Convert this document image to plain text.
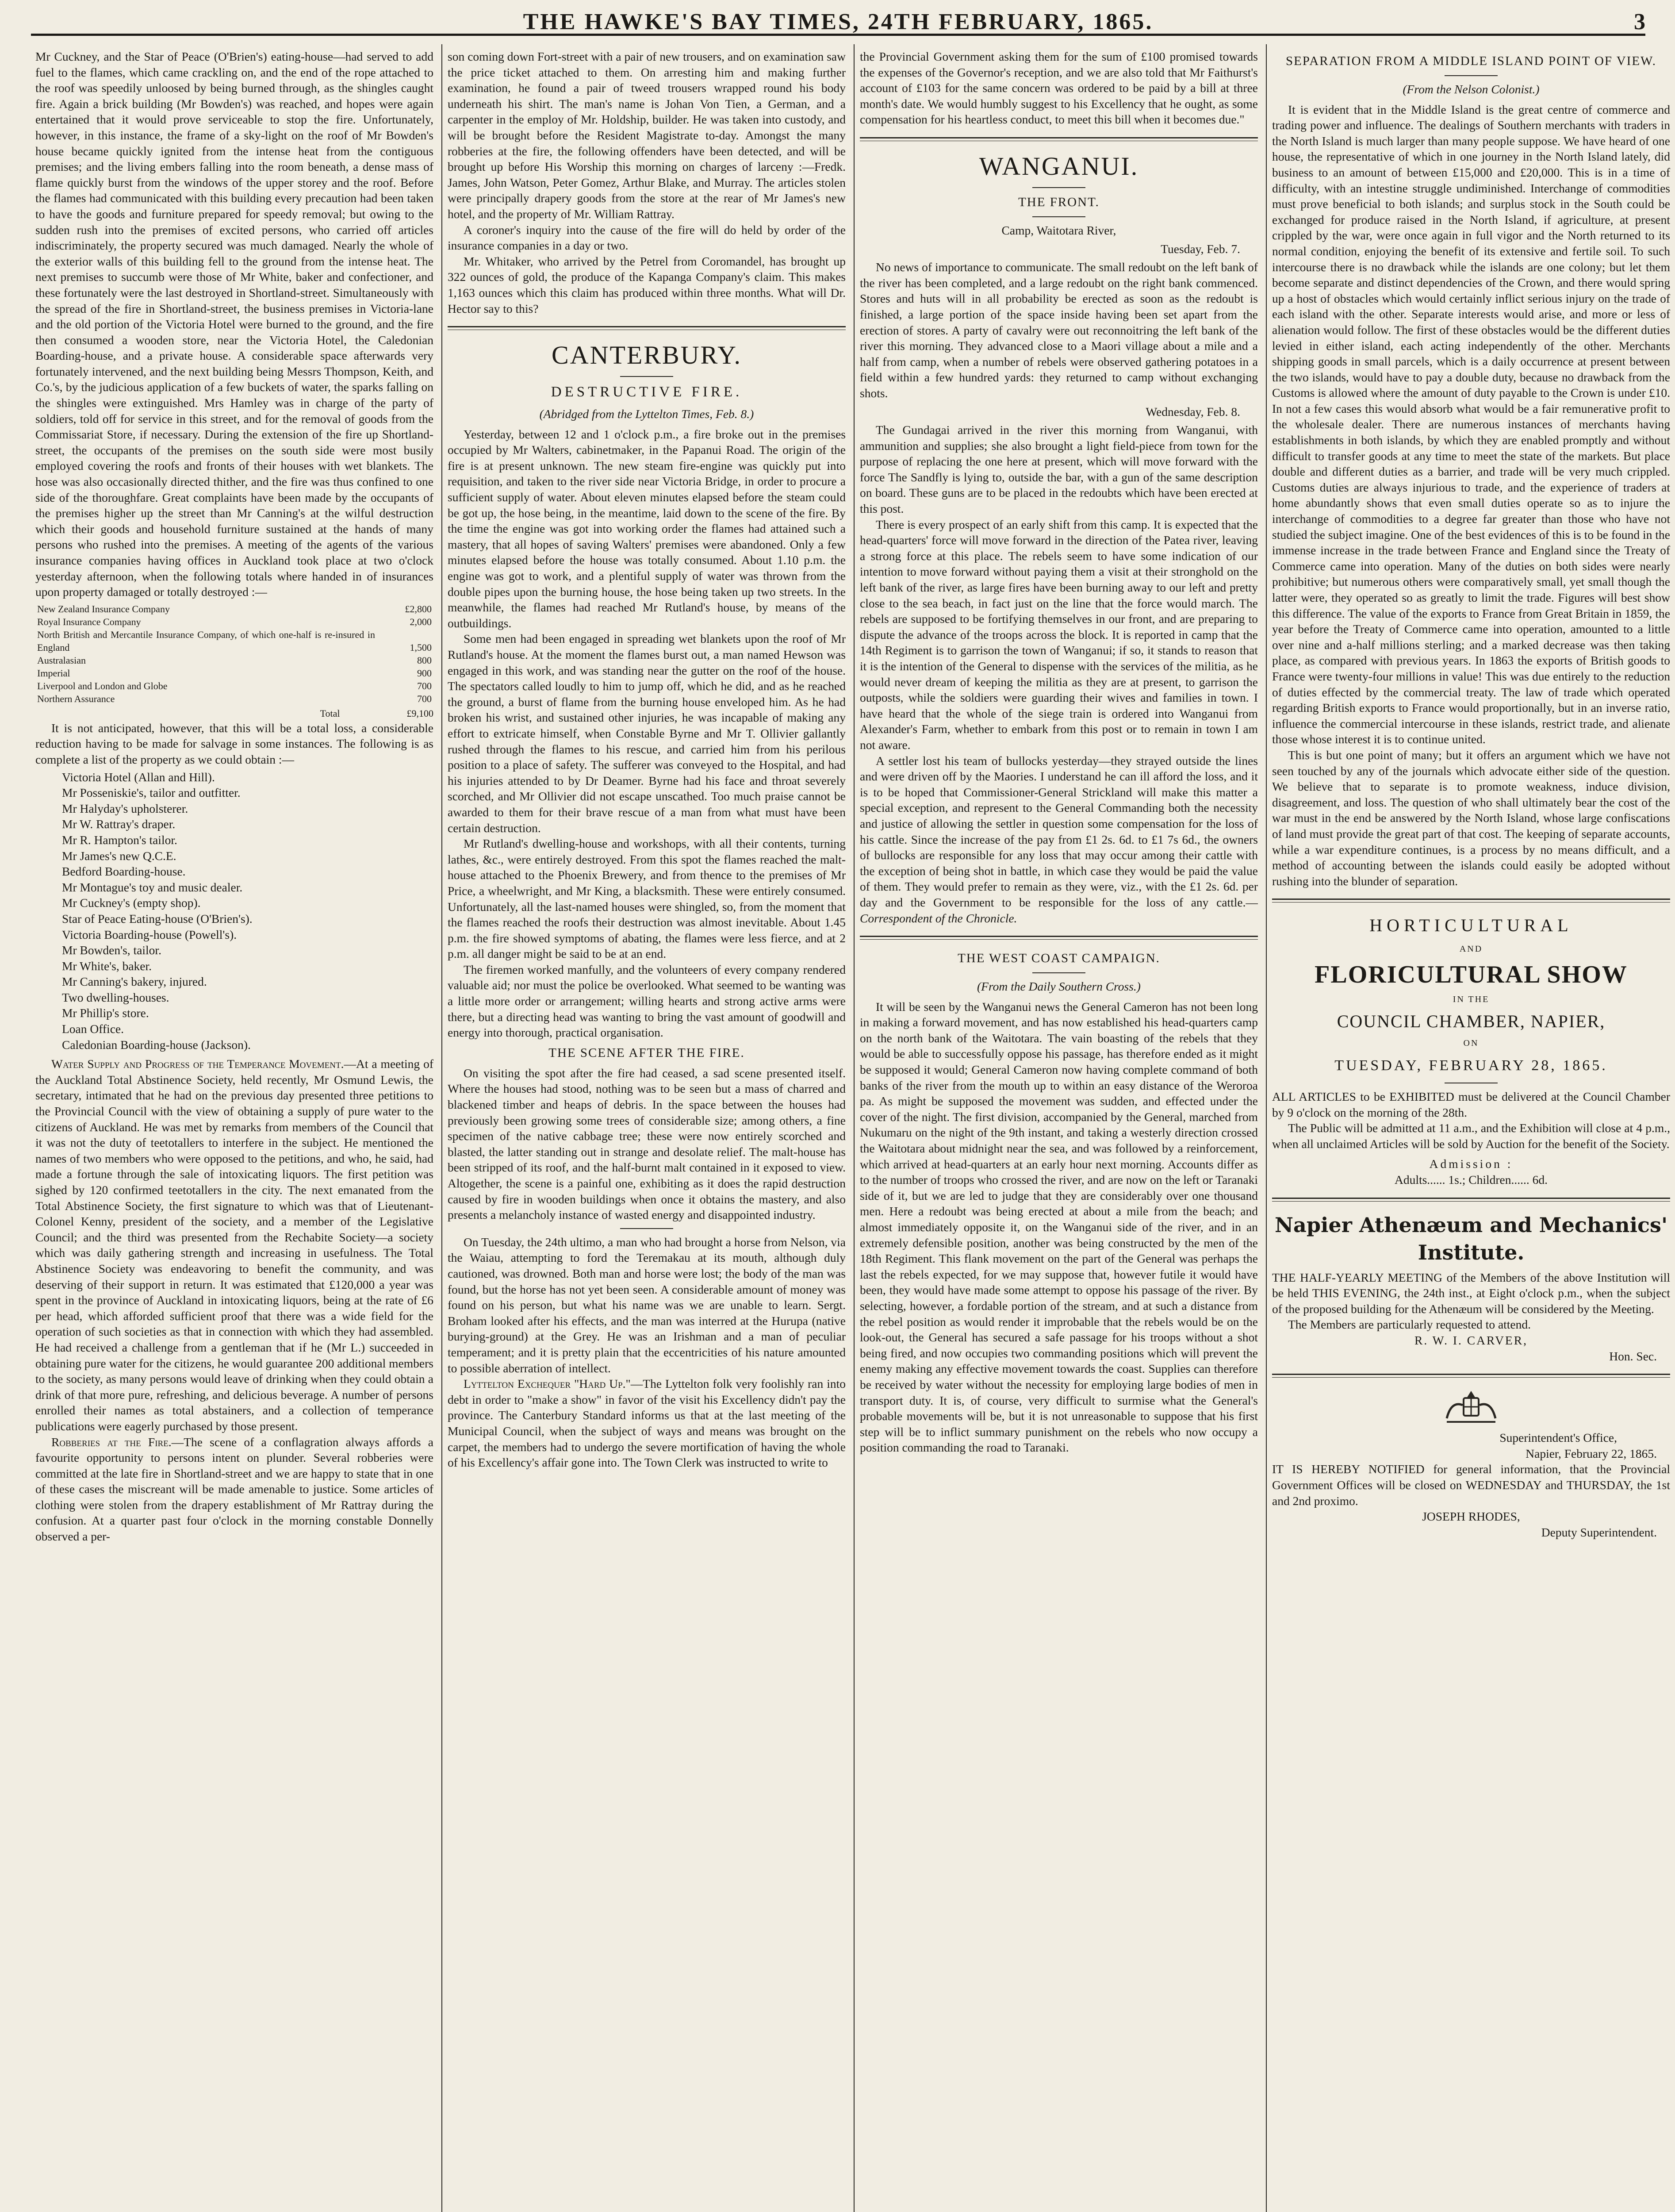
THE HAWKE'S BAY TIMES, 24TH FEBRUARY, 1865.	3

Mr Cuckney, and the Star of Peace (O'Brien's) eating-house—had served to add fuel to the flames, which came crackling on, and the end of the rope attached to the roof was speedily unloosed by being burned through, as the shingles caught fire. Again a brick building (Mr Bowden's) was reached, and hopes were again entertained that it would prove serviceable to stop the fire. Unfortunately, however, in this instance, the frame of a sky-light on the roof of Mr Bowden's house became quickly ignited from the intense heat from the contiguous premises; and the living embers falling into the room beneath, a dense mass of flame quickly burst from the windows of the upper storey and the roof. Before the flames had communicated with this building every precaution had been taken to have the goods and furniture prepared for speedy removal; but owing to the sudden rush into the premises of excited persons, who carried off articles indiscriminately, the property secured was much damaged. Nearly the whole of the exterior walls of this building fell to the ground from the intense heat. The next premises to succumb were those of Mr White, baker and confectioner, and these fortunately were the last destroyed in Shortland-street. Simultaneously with the spread of the fire in Shortland-street, the business premises in Victoria-lane and the old portion of the Victoria Hotel were burned to the ground, and the fire then consumed a wooden store, near the Victoria Hotel, the Caledonian Boarding-house, and a private house. A considerable space afterwards very fortunately intervened, and the next building being Messrs Thompson, Keith, and Co.'s, by the judicious application of a few buckets of water, the sparks falling on the shingles were extinguished. Mrs Hamley was in charge of the party of soldiers, told off for service in this street, and for the removal of goods from the Commissariat Store, if necessary. During the extension of the fire up Shortland-street, the occupants of the premises on the south side were most busily employed covering the roofs and fronts of their houses with wet blankets. The hose was also occasionally directed thither, and the fire was thus confined to one side of the thoroughfare. Great complaints have been made by the occupants of the premises higher up the street than Mr Canning's at the wilful destruction which their goods and household furniture sustained at the hands of many persons who rushed into the premises. A meeting of the agents of the various insurance companies having offices in Auckland took place at two o'clock yesterday afternoon, when the following totals where handed in of insurances upon property damaged or totally destroyed :—

New Zealand Insurance Company	£2,800
Royal Insurance Company	2,000
North British and Mercantile Insurance Company, of which one-half is re-insured in England	1,500
Australasian	800
Imperial	900
Liverpool and London and Globe	700
Northern Assurance	700
Total	£9,100

It is not anticipated, however, that this will be a total loss, a considerable reduction having to be made for salvage in some instances. The following is as complete a list of the property as we could obtain :—

Victoria Hotel (Allan and Hill).
Mr Posseniskie's, tailor and outfitter.
Mr Halyday's upholsterer.
Mr W. Rattray's draper.
Mr R. Hampton's tailor.
Mr James's new Q.C.E.
Bedford Boarding-house.
Mr Montague's toy and music dealer.
Mr Cuckney's (empty shop).
Star of Peace Eating-house (O'Brien's).
Victoria Boarding-house (Powell's).
Mr Bowden's, tailor.
Mr White's, baker.
Mr Canning's bakery, injured.
Two dwelling-houses.
Mr Phillip's store.
Loan Office.
Caledonian Boarding-house (Jackson).

Water Supply and Progress of the Temperance Movement.—At a meeting of the Auckland Total Abstinence Society, held recently, Mr Osmund Lewis, the secretary, intimated that he had on the previous day presented three petitions to the Provincial Council with the view of obtaining a supply of pure water to the citizens of Auckland. He was met by remarks from members of the Council that it was not the duty of teetotallers to interfere in the subject. He mentioned the names of two members who were opposed to the petitions, and who, he said, had made a fortune through the sale of intoxicating liquors. The first petition was sighed by 120 confirmed teetotallers in the city. The next emanated from the Total Abstinence Society, the first signature to which was that of Lieutenant-Colonel Kenny, president of the society, and a member of the Legislative Council; and the third was presented from the Rechabite Society—a society which was daily gathering strength and increasing in usefulness. The Total Abstinence Society was endeavoring to benefit the community, and was deserving of their support in return. It was estimated that £120,000 a year was spent in the province of Auckland in intoxicating liquors, being at the rate of £6 per head, which afforded sufficient proof that there was a wide field for the operation of such societies as that in connection with which they had assembled. He had received a challenge from a gentleman that if he (Mr L.) succeeded in obtaining pure water for the citizens, he would guarantee 200 additional members to the society, as many persons would leave of drinking when they could obtain a drink of that more pure, refreshing, and delicious beverage. A number of persons enrolled their names as total abstainers, and a collection of temperance publications were eagerly purchased by those present.

Robberies at the Fire.—The scene of a conflagration always affords a favourite opportunity to persons intent on plunder. Several robberies were committed at the late fire in Shortland-street and we are happy to state that in one of these cases the miscreant will be made amenable to justice. Some articles of clothing were stolen from the drapery establishment of Mr Rattray during the confusion. At a quarter past four o'clock in the morning constable Donnelly observed a per-

son coming down Fort-street with a pair of new trousers, and on examination saw the price ticket attached to them. On arresting him and making further examination, he found a pair of tweed trousers wrapped round his body underneath his shirt. The man's name is Johan Von Tien, a German, and a carpenter in the employ of Mr. Holdship, builder. He was taken into custody, and will be brought before the Resident Magistrate to-day. Amongst the many robberies at the fire, the following offenders have been detected, and will be brought up before His Worship this morning on charges of larceny :—Fredk. James, John Watson, Peter Gomez, Arthur Blake, and Murray. The articles stolen were principally drapery goods from the store at the rear of Mr James's new hotel, and the property of Mr. William Rattray.

A coroner's inquiry into the cause of the fire will do held by order of the insurance companies in a day or two.

Mr. Whitaker, who arrived by the Petrel from Coromandel, has brought up 322 ounces of gold, the produce of the Kapanga Company's claim. This makes 1,163 ounces which this claim has produced within three months. What will Dr. Hector say to this?

CANTERBURY.
DESTRUCTIVE FIRE.
(Abridged from the Lyttelton Times, Feb. 8.)

Yesterday, between 12 and 1 o'clock p.m., a fire broke out in the premises occupied by Mr Walters, cabinetmaker, in the Papanui Road. The origin of the fire is at present unknown. The new steam fire-engine was quickly put into requisition, and taken to the river side near Victoria Bridge, in order to procure a sufficient supply of water. About eleven minutes elapsed before the steam could be got up, the hose being, in the meantime, laid down to the scene of the fire. By the time the engine was got into working order the flames had attained such a mastery, that all hopes of saving Walters' premises were abandoned. Only a few minutes elapsed before the house was totally consumed. About 1.10 p.m. the engine was got to work, and a plentiful supply of water was thrown from the double pipes upon the burning house, the hose being taken up two streets. In the meanwhile, the flames had reached Mr Rutland's house, by means of the outbuildings.

Some men had been engaged in spreading wet blankets upon the roof of Mr Rutland's house. At the moment the flames burst out, a man named Hewson was engaged in this work, and was standing near the gutter on the roof of the house. The spectators called loudly to him to jump off, which he did, and as he reached the ground, a burst of flame from the burning house enveloped him. As he had broken his wrist, and sustained other injuries, he was incapable of making any effort to extricate himself, when Constable Byrne and Mr T. Ollivier gallantly rushed through the flames to his rescue, and carried him from his perilous position to a place of safety. The sufferer was conveyed to the Hospital, and had his injuries attended to by Dr Deamer. Byrne had his face and throat severely scorched, and Mr Ollivier did not escape unscathed. Too much praise cannot be awarded to them for their brave rescue of a man from what must have been certain destruction.

Mr Rutland's dwelling-house and workshops, with all their contents, turning lathes, &c., were entirely destroyed. From this spot the flames reached the malt-house attached to the Phoenix Brewery, and from thence to the premises of Mr Price, a wheelwright, and Mr King, a blacksmith. These were entirely consumed. Unfortunately, all the last-named houses were shingled, so, from the moment that the flames reached the roofs their destruction was almost inevitable. About 1.45 p.m. the fire showed symptoms of abating, the flames were less fierce, and at 2 p.m. all danger might be said to be at an end.

The firemen worked manfully, and the volunteers of every company rendered valuable aid; nor must the police be overlooked. What seemed to be wanting was a little more order or arrangement; willing hearts and strong active arms were there, but a directing head was wanting to bring the vast amount of goodwill and energy into thorough, practical organisation.

THE SCENE AFTER THE FIRE.

On visiting the spot after the fire had ceased, a sad scene presented itself. Where the houses had stood, nothing was to be seen but a mass of charred and blackened timber and heaps of debris. In the space between the houses had previously been growing some trees of considerable size; among others, a fine specimen of the native cabbage tree; these were now entirely scorched and blasted, the latter standing out in strange and desolate relief. The malt-house has been stripped of its roof, and the half-burnt malt contained in it exposed to view. Altogether, the scene is a painful one, exhibiting as it does the rapid destruction caused by fire in wooden buildings when once it obtains the mastery, and also presents a melancholy instance of wasted energy and disappointed industry.

On Tuesday, the 24th ultimo, a man who had brought a horse from Nelson, via the Waiau, attempting to ford the Teremakau at its mouth, although duly cautioned, was drowned. Both man and horse were lost; the body of the man was found, but the horse has not yet been seen. A considerable amount of money was found on his person, but what his name was we are unable to learn. Sergt. Broham looked after his effects, and the man was interred at the Hurupa (native burying-ground) at the Grey. He was an Irishman and a man of peculiar temperament; and it is pretty plain that the eccentricities of his nature amounted to possible aberration of intellect.

Lyttelton Exchequer "Hard Up."—The Lyttelton folk very foolishly ran into debt in order to "make a show" in favor of the visit his Excellency didn't pay the province. The Canterbury Standard informs us that at the last meeting of the Municipal Council, when the subject of ways and means was brought on the carpet, the members had to undergo the severe mortification of having the whole of his Excellency's affair gone into. The Town Clerk was instructed to write to

the Provincial Government asking them for the sum of £100 promised towards the expenses of the Governor's reception, and we are also told that Mr Faithurst's account of £103 for the same concern was ordered to be paid by a bill at three month's date. We would humbly suggest to his Excellency that he ought, as some compensation for his heartless conduct, to meet this bill when it becomes due."

WANGANUI.
THE FRONT.
Camp, Waitotara River,
Tuesday, Feb. 7.

No news of importance to communicate. The small redoubt on the left bank of the river has been completed, and a large redoubt on the right bank commenced. Stores and huts will in all probability be erected as soon as the redoubt is finished, a large portion of the space inside having been set apart from the erection of stores. A party of cavalry were out reconnoitring the left bank of the river this morning. They advanced close to a Maori village about a mile and a half from camp, when a number of rebels were observed gathering potatoes in a field within a few hundred yards: they returned to camp without exchanging shots.

Wednesday, Feb. 8.

The Gundagai arrived in the river this morning from Wanganui, with ammunition and supplies; she also brought a light field-piece from town for the purpose of replacing the one here at present, which will move forward with the force The Sandfly is lying to, outside the bar, with a gun of the same description on board. These guns are to be placed in the redoubts which have been erected at this post.

There is every prospect of an early shift from this camp. It is expected that the head-quarters' force will move forward in the direction of the Patea river, leaving a strong force at this place. The rebels seem to have some indication of our intention to move forward without paying them a visit at their stronghold on the left bank of the river, as large fires have been burning away to our left and pretty close to the sea beach, in fact just on the line that the force would march. The rebels are supposed to be fortifying themselves in our front, and are preparing to dispute the advance of the troops across the block. It is reported in camp that the 14th Regiment is to garrison the town of Wanganui; if so, it stands to reason that it is the intention of the General to dispense with the services of the militia, as he would never dream of keeping the militia as they are at present, to garrison the outposts, while the soldiers were guarding their wives and families in town. I have heard that the whole of the siege train is ordered into Wanganui from Alexander's Farm, whether to embark from this post or to remain in town I am not aware.

A settler lost his team of bullocks yesterday—they strayed outside the lines and were driven off by the Maories. I understand he can ill afford the loss, and it is to be hoped that Commissioner-General Strickland will make this matter a special exception, and represent to the General Commanding both the necessity and justice of allowing the settler in question some compensation for the loss of his cattle. Since the increase of the pay from £1 2s. 6d. to £1 7s 6d., the owners of bullocks are responsible for any loss that may occur among their cattle with the exception of being shot in battle, in which case they would be paid the value of them. They would prefer to remain as they were, viz., with the £1 2s. 6d. per day and the Government to be responsible for the loss of any cattle.—Correspondent of the Chronicle.

THE WEST COAST CAMPAIGN.
(From the Daily Southern Cross.)

It will be seen by the Wanganui news the General Cameron has not been long in making a forward movement, and has now established his head-quarters camp on the north bank of the Waitotara. The vain boasting of the rebels that they would be able to successfully oppose his passage, has therefore ended as it might be supposed it would; General Cameron now having complete command of both banks of the river from the mouth up to within an easy distance of the Weroroa pa. As might be supposed the movement was sudden, and effected under the cover of the night. The first division, accompanied by the General, marched from Nukumaru on the night of the 9th instant, and taking a westerly direction crossed the Waitotara about midnight near the sea, and was followed by a reinforcement, which arrived at head-quarters at an early hour next morning. Accounts differ as to the number of troops who crossed the river, and are now on the left or Taranaki side of it, but we are led to judge that they are considerably over one thousand men. Here a redoubt was being erected at about a mile from the beach; and almost immediately opposite it, on the Wanganui side of the river, and in an extremely defensible position, another was being constructed by the men of the 18th Regiment. This flank movement on the part of the General was perhaps the last the rebels expected, for we may suppose that, however futile it would have been, they would have made some attempt to oppose his passage of the river. By selecting, however, a fordable portion of the stream, and at such a distance from the rebel position as would render it improbable that the rebels would be on the look-out, the General has secured a safe passage for his troops without a shot being fired, and now occupies two commanding positions which will prevent the enemy making any effective movement towards the coast. Supplies can therefore be received by water without the necessity for employing large bodies of men in transport duty. It is, of course, very difficult to surmise what the General's probable movements will be, but it is not unreasonable to suppose that his first step will be to inflict summary punishment on the rebels who now occupy a position commanding the road to Taranaki.

SEPARATION FROM A MIDDLE ISLAND POINT OF VIEW.
(From the Nelson Colonist.)

It is evident that in the Middle Island is the great centre of commerce and trading power and influence. The dealings of Southern merchants with traders in the North Island is much larger than many people suppose. We have heard of one house, the representative of which in one journey in the North Island lately, did business to an amount of between £15,000 and £20,000. This is in a time of difficulty, with an intestine struggle undiminished. Interchange of commodities must prove beneficial to both islands; and surplus stock in the South could be exchanged for produce raised in the North Island, if agriculture, at present crippled by the war, were once again in full vigor and the North returned to its normal condition, enjoying the benefit of its extensive and fertile soil. To such intercourse there is no drawback while the islands are one colony; but let them become separate and distinct dependencies of the Crown, and there would spring up a host of obstacles which would certainly inflict serious injury on the trade of each island with the other. Separate interests would arise, and more or less of alienation would follow. The first of these obstacles would be the different duties levied in either island, each acting independently of the other. Merchants shipping goods in small parcels, which is a daily occurrence at present between the two islands, would have to pay a double duty, because no drawback from the Customs is allowed where the amount of duty payable to the Crown is under £10. In not a few cases this would absorb what would be a fair remunerative profit to the wholesale dealer. There are numerous instances of merchants having establishments in both islands, by which they are enabled promptly and without difficult to transfer goods at any time to meet the state of the markets. But place double and different duties as a barrier, and trade will be very much crippled. Customs duties are always injurious to trade, and the experience of traders at home abundantly shows that even small duties operate so as to injure the interchange of commodities to a degree far greater than those who have not studied the subject imagine. One of the best evidences of this is to be found in the immense increase in the trade between France and England since the Treaty of Commerce came into operation. Many of the duties on both sides were nearly prohibitive; but numerous others were comparatively small, yet small though the latter were, they operated so as greatly to limit the trade. Figures will best show this difference. The value of the exports to France from Great Britain in 1859, the year before the Treaty of Commerce came into operation, amounted to a little over nine and a-half millions sterling; and a marked decrease was then taking place, as compared with previous years. In 1863 the exports of British goods to France were twenty-four millions in value! This was due entirely to the reduction of duties effected by the commercial treaty. The law of trade which operated regarding British exports to France would proportionally, but in an inverse ratio, influence the commercial intercourse in these islands, restrict trade, and alienate those whose interest it is to continue united.

This is but one point of many; but it offers an argument which we have not seen touched by any of the journals which advocate either side of the question. We believe that to separate is to promote weakness, induce division, disagreement, and loss. The question of who shall ultimately bear the cost of the war must in the end be answered by the North Island, whose large confiscations of land must provide the great part of that cost. The keeping of separate accounts, while a war expenditure continues, is a process by no means difficult, and a method of accounting between the islands could easily be adopted without rushing into the blunder of separation.

HORTICULTURAL
AND
FLORICULTURAL SHOW
IN THE
COUNCIL CHAMBER, NAPIER,
ON
TUESDAY, FEBRUARY 28, 1865.

ALL ARTICLES to be EXHIBITED must be delivered at the Council Chamber by 9 o'clock on the morning of the 28th.

The Public will be admitted at 11 a.m., and the Exhibition will close at 4 p.m., when all unclaimed Articles will be sold by Auction for the benefit of the Society.

Admission :
Adults...... 1s.; Children...... 6d.
Napier Athenæum and Mechanics' Institute.

THE HALF-YEARLY MEETING of the Members of the above Institution will be held THIS EVENING, the 24th inst., at Eight o'clock p.m., when the subject of the proposed building for the Athenæum will be considered by the Meeting.

The Members are particularly requested to attend.

R. W. I. CARVER,
Hon. Sec.
Superintendent's Office,
Napier, February 22, 1865.

IT IS HEREBY NOTIFIED for general information, that the Provincial Government Offices will be closed on WEDNESDAY and THURSDAY, the 1st and 2nd proximo.

JOSEPH RHODES,
Deputy Superintendent.
